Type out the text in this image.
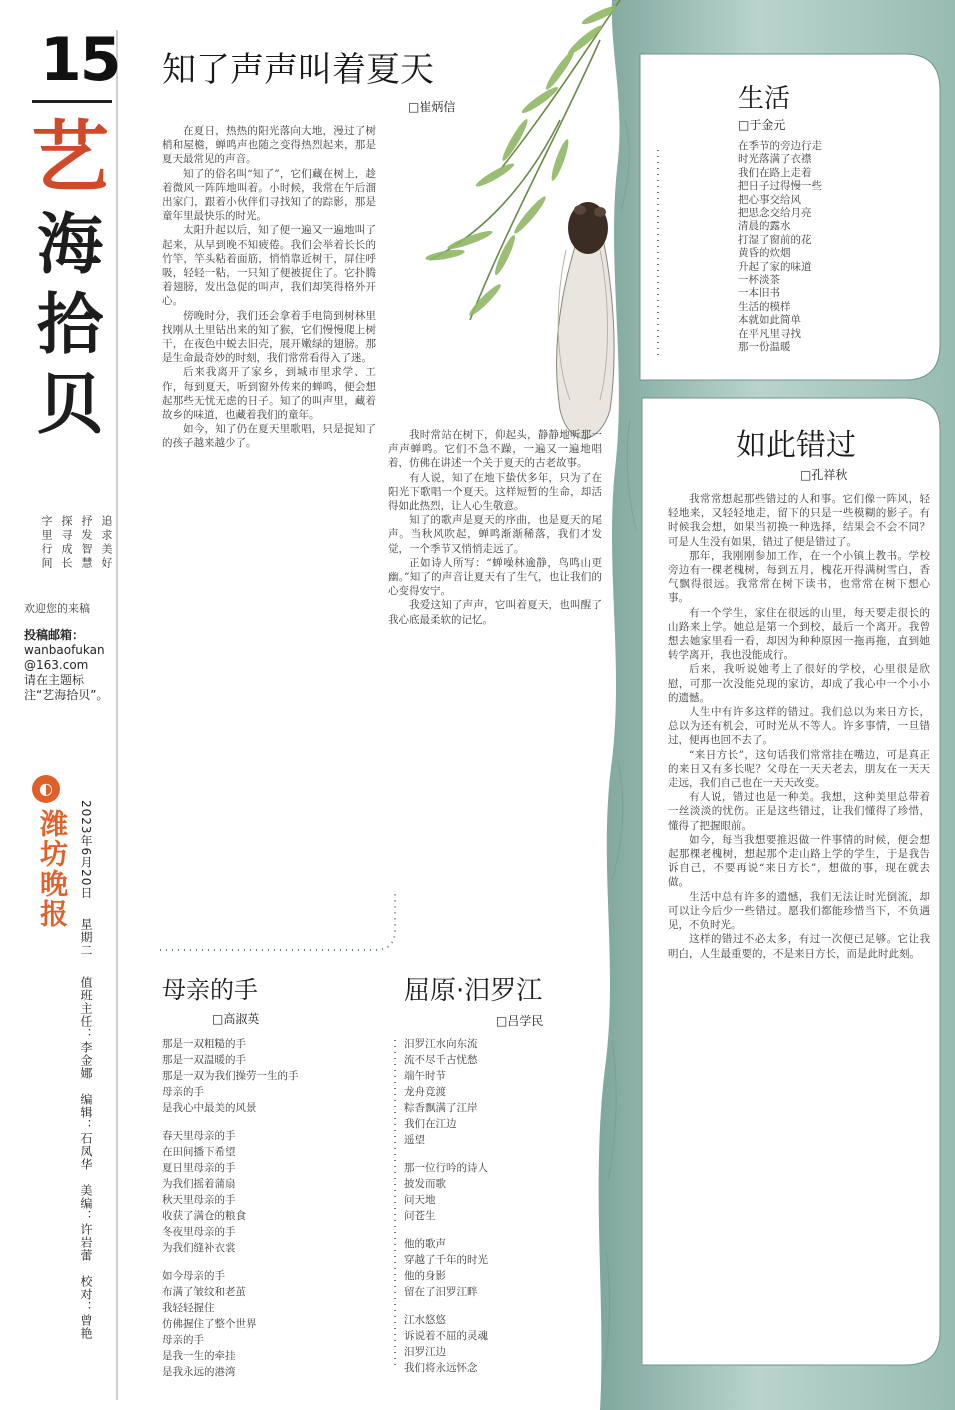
15
艺
海
拾
贝
追求美好
抒发智慧
探寻成长
字里行间
欢迎您的来稿
投稿邮箱：
wanbaofukan@163.com
请在主题标注“艺海拾贝”。
◐
潍坊晚报 2023年6月20日 星期二 值班主任：李金娜　编辑：石凤华　美编：许岩蕾　校对：曾艳
知了声声叫着夏天
□崔炳信

在夏日，热热的阳光落向大地，漫过了树梢和屋檐，蝉鸣声也随之变得热烈起来，那是夏天最常见的声音。

知了的俗名叫“知了”，它们藏在树上，趁着微风一阵阵地叫着。小时候，我常在午后溜出家门，跟着小伙伴们寻找知了的踪影，那是童年里最快乐的时光。

太阳升起以后，知了便一遍又一遍地叫了起来，从早到晚不知疲倦。我们会举着长长的竹竿，竿头粘着面筋，悄悄靠近树干，屏住呼吸，轻轻一粘，一只知了便被捉住了。它扑腾着翅膀，发出急促的叫声，我们却笑得格外开心。

傍晚时分，我们还会拿着手电筒到树林里找刚从土里钻出来的知了猴，它们慢慢爬上树干，在夜色中蜕去旧壳，展开嫩绿的翅膀。那是生命最奇妙的时刻，我们常常看得入了迷。

后来我离开了家乡，到城市里求学、工作，每到夏天，听到窗外传来的蝉鸣，便会想起那些无忧无虑的日子。知了的叫声里，藏着故乡的味道，也藏着我们的童年。

如今，知了仍在夏天里歌唱，只是捉知了的孩子越来越少了。

我时常站在树下，仰起头，静静地听那一声声蝉鸣。它们不急不躁，一遍又一遍地唱着，仿佛在讲述一个关于夏天的古老故事。

有人说，知了在地下蛰伏多年，只为了在阳光下歌唱一个夏天。这样短暂的生命，却活得如此热烈，让人心生敬意。

知了的歌声是夏天的序曲，也是夏天的尾声。当秋风吹起，蝉鸣渐渐稀落，我们才发觉，一个季节又悄悄走远了。

正如诗人所写：“蝉噪林逾静，鸟鸣山更幽。”知了的声音让夏天有了生气，也让我们的心变得安宁。

我爱这知了声声，它叫着夏天，也叫醒了我心底最柔软的记忆。

生活
□于金元
在季节的旁边行走
时光落满了衣襟
我们在路上走着
把日子过得慢一些
把心事交给风
把思念交给月亮
清晨的露水
打湿了窗前的花
黄昏的炊烟
升起了家的味道
一杯淡茶
一本旧书
生活的模样
本就如此简单
在平凡里寻找
那一份温暖
如此错过
□孔祥秋

我常常想起那些错过的人和事。它们像一阵风，轻轻地来，又轻轻地走，留下的只是一些模糊的影子。有时候我会想，如果当初换一种选择，结果会不会不同？可是人生没有如果，错过了便是错过了。

那年，我刚刚参加工作，在一个小镇上教书。学校旁边有一棵老槐树，每到五月，槐花开得满树雪白，香气飘得很远。我常常在树下读书，也常常在树下想心事。

有一个学生，家住在很远的山里，每天要走很长的山路来上学。她总是第一个到校，最后一个离开。我曾想去她家里看一看，却因为种种原因一拖再拖，直到她转学离开，我也没能成行。

后来，我听说她考上了很好的学校，心里很是欣慰，可那一次没能兑现的家访，却成了我心中一个小小的遗憾。

人生中有许多这样的错过。我们总以为来日方长，总以为还有机会，可时光从不等人。许多事情，一旦错过，便再也回不去了。

“来日方长”，这句话我们常常挂在嘴边，可是真正的来日又有多长呢？父母在一天天老去，朋友在一天天走远，我们自己也在一天天改变。

有人说，错过也是一种美。我想，这种美里总带着一丝淡淡的忧伤。正是这些错过，让我们懂得了珍惜，懂得了把握眼前。

如今，每当我想要推迟做一件事情的时候，便会想起那棵老槐树，想起那个走山路上学的学生，于是我告诉自己，不要再说“来日方长”，想做的事，现在就去做。

生活中总有许多的遗憾，我们无法让时光倒流，却可以让今后少一些错过。愿我们都能珍惜当下，不负遇见，不负时光。

这样的错过不必太多，有过一次便已足够。它让我明白，人生最重要的，不是来日方长，而是此时此刻。

母亲的手
□高淑英
那是一双粗糙的手
那是一双温暖的手
那是一双为我们操劳一生的手
母亲的手
是我心中最美的风景
春天里母亲的手
在田间播下希望
夏日里母亲的手
为我们摇着蒲扇
秋天里母亲的手
收获了满仓的粮食
冬夜里母亲的手
为我们缝补衣裳
如今母亲的手
布满了皱纹和老茧
我轻轻握住
仿佛握住了整个世界
母亲的手
是我一生的牵挂
是我永远的港湾
屈原·汨罗江
□吕学民
汨罗江水向东流
流不尽千古忧愁
端午时节
龙舟竞渡
粽香飘满了江岸
我们在江边
遥望
那一位行吟的诗人
披发而歌
问天地
问苍生
他的歌声
穿越了千年的时光
他的身影
留在了汨罗江畔
江水悠悠
诉说着不屈的灵魂
汨罗江边
我们将永远怀念
